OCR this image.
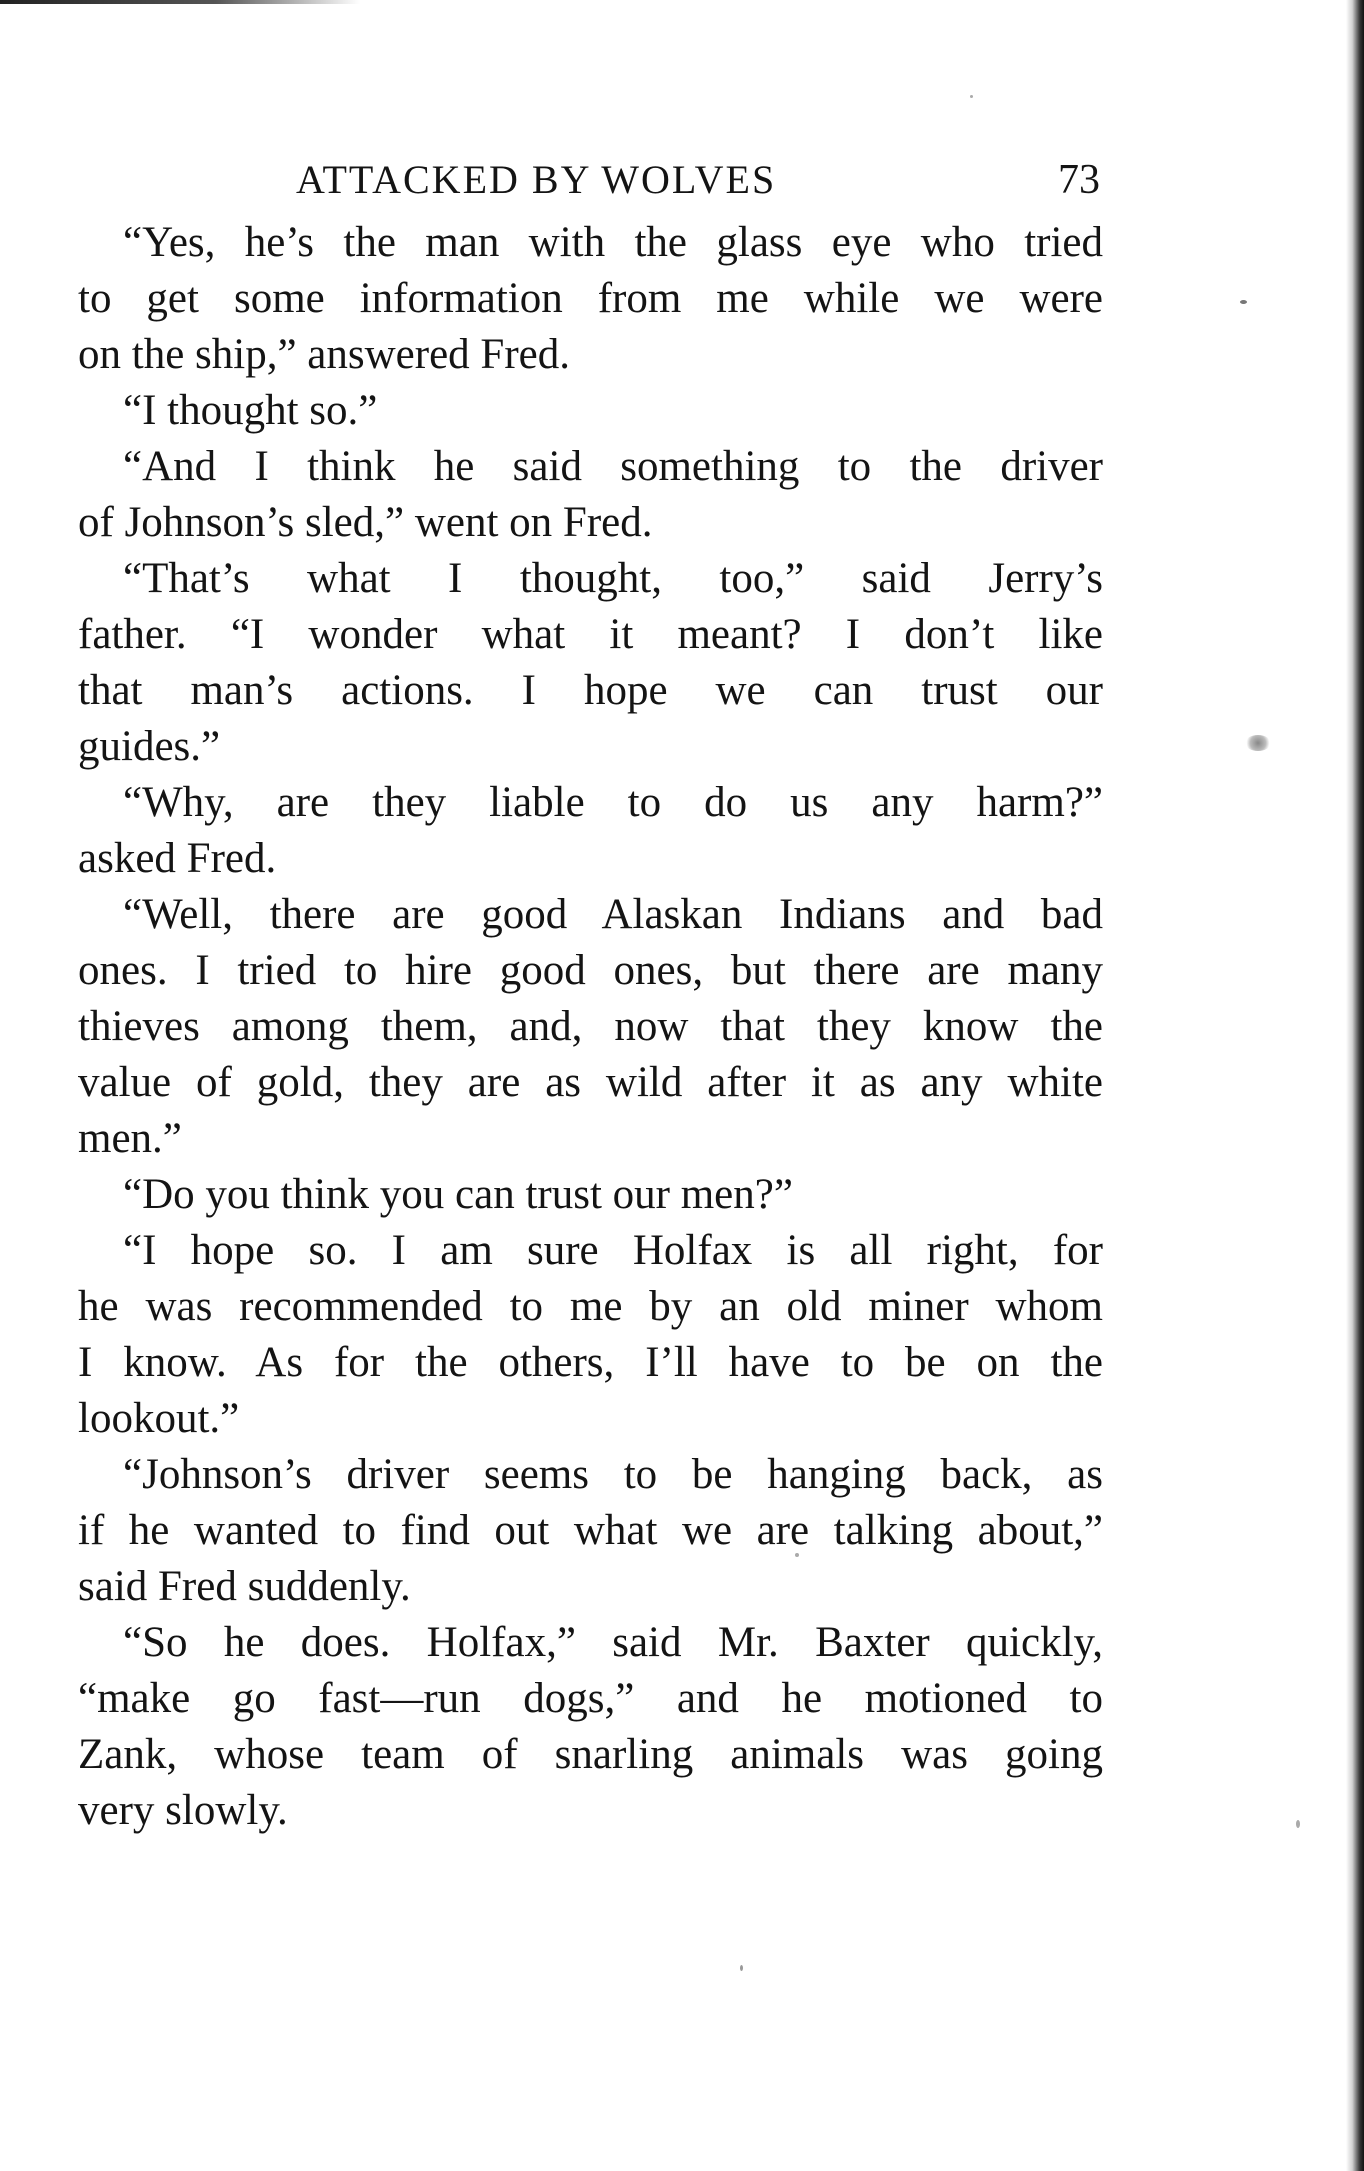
ATTACKED BY WOLVES	73
“Yes, he’s the man with the glass eye who tried
to get some information from me while we were
on the ship,” answered Fred.
“I thought so.”
“And I think he said something to the driver
of Johnson’s sled,” went on Fred.
“That’s what I thought, too,” said Jerry’s
father. “I wonder what it meant? I don’t like
that man’s actions. I hope we can trust our
guides.”
“Why, are they liable to do us any harm?”
asked Fred.
“Well, there are good Alaskan Indians and bad
ones. I tried to hire good ones, but there are many
thieves among them, and, now that they know the
value of gold, they are as wild after it as any white
men.”
“Do you think you can trust our men?”
“I hope so. I am sure Holfax is all right, for
he was recommended to me by an old miner whom
I know. As for the others, I’ll have to be on the
lookout.”
“Johnson’s driver seems to be hanging back, as
if he wanted to find out what we are talking about,”
said Fred suddenly.
“So he does. Holfax,” said Mr. Baxter quickly,
“make go fast—run dogs,” and he motioned to
Zank, whose team of snarling animals was going
very slowly.
